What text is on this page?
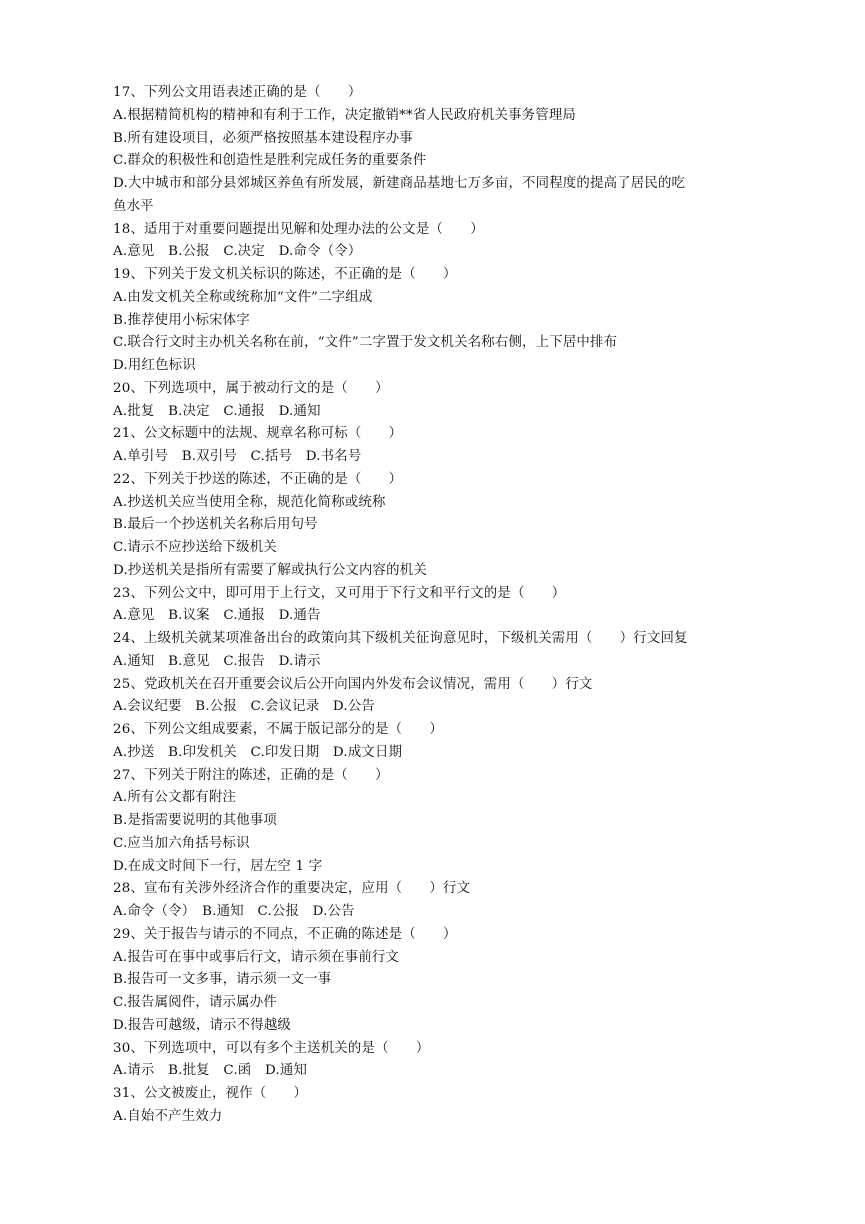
17、下列公文用语表述正确的是（　　）
A.根据精简机构的精神和有利于工作，决定撤销**省人民政府机关事务管理局
B.所有建设项目，必须严格按照基本建设程序办事
C.群众的积极性和创造性是胜利完成任务的重要条件
D.大中城市和部分县郊城区养鱼有所发展，新建商品基地七万多亩，不同程度的提高了居民的吃
鱼水平
18、适用于对重要问题提出见解和处理办法的公文是（　　）
A.意见　B.公报　C.决定　D.命令（令）
19、下列关于发文机关标识的陈述，不正确的是（　　）
A.由发文机关全称或统称加“文件”二字组成
B.推荐使用小标宋体字
C.联合行文时主办机关名称在前，“文件”二字置于发文机关名称右侧，上下居中排布
D.用红色标识
20、下列选项中，属于被动行文的是（　　）
A.批复　B.决定　C.通报　D.通知
21、公文标题中的法规、规章名称可标（　　）
A.单引号　B.双引号　C.括号　D.书名号
22、下列关于抄送的陈述，不正确的是（　　）
A.抄送机关应当使用全称，规范化简称或统称
B.最后一个抄送机关名称后用句号
C.请示不应抄送给下级机关
D.抄送机关是指所有需要了解或执行公文内容的机关
23、下列公文中，即可用于上行文，又可用于下行文和平行文的是（　　）
A.意见　B.议案　C.通报　D.通告
24、上级机关就某项准备出台的政策向其下级机关征询意见时，下级机关需用（　　）行文回复
A.通知　B.意见　C.报告　D.请示
25、党政机关在召开重要会议后公开向国内外发布会议情况，需用（　　）行文
A.会议纪要　B.公报　C.会议记录　D.公告
26、下列公文组成要素，不属于版记部分的是（　　）
A.抄送　B.印发机关　C.印发日期　D.成文日期
27、下列关于附注的陈述，正确的是（　　）
A.所有公文都有附注
B.是指需要说明的其他事项
C.应当加六角括号标识
D.在成文时间下一行，居左空 1 字
28、宣布有关涉外经济合作的重要决定，应用（　　）行文
A.命令（令）　B.通知　C.公报　D.公告
29、关于报告与请示的不同点，不正确的陈述是（　　）
A.报告可在事中或事后行文，请示须在事前行文
B.报告可一文多事，请示须一文一事
C.报告属阅件，请示属办件
D.报告可越级，请示不得越级
30、下列选项中，可以有多个主送机关的是（　　）
A.请示　B.批复　C.函　D.通知
31、公文被废止，视作（　　）
A.自始不产生效力
